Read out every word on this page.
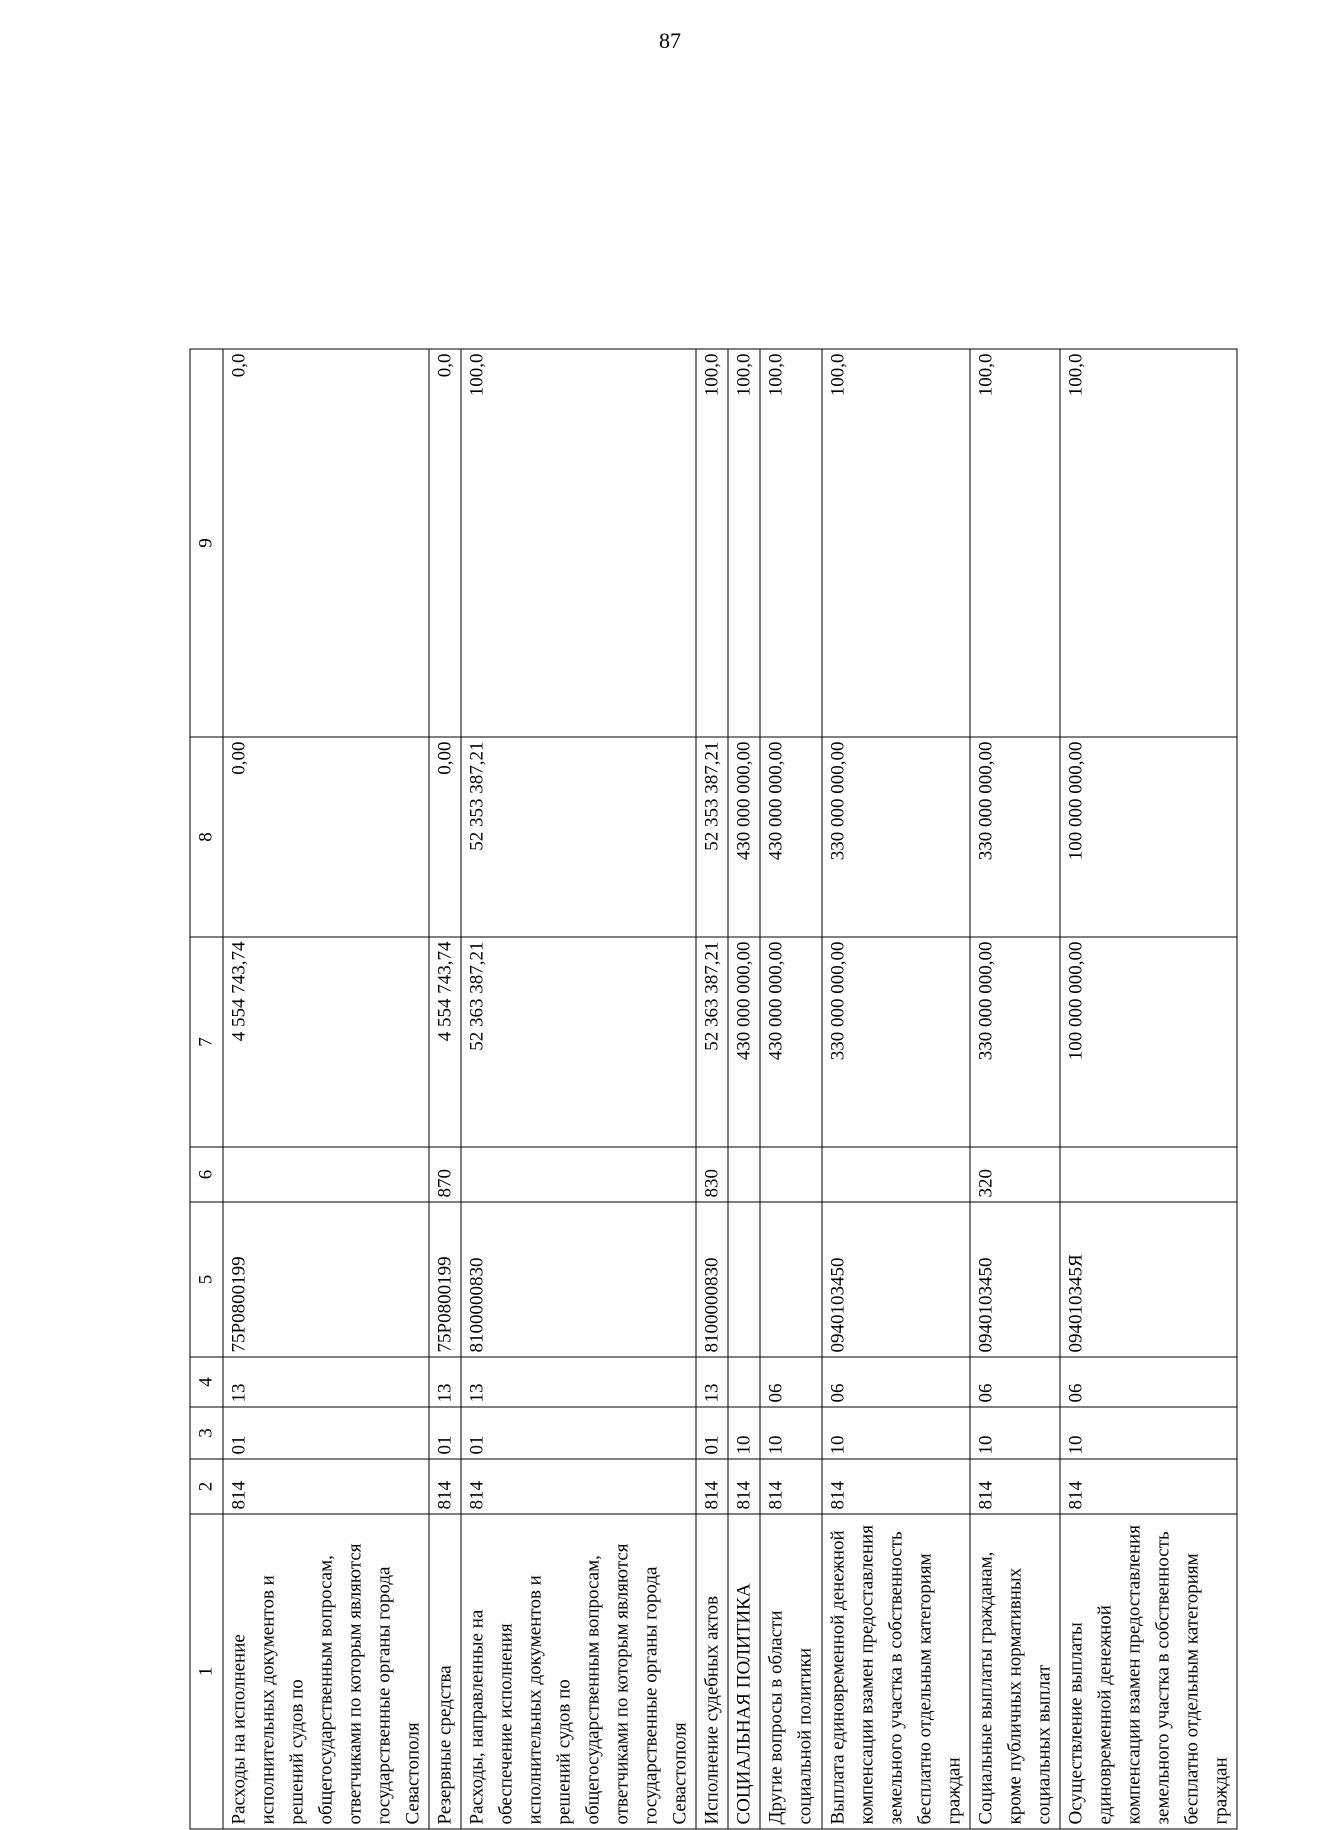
87
1	2	3	4	5	6	7	8	9
Расходы на исполнение исполнительных документов и решений судов по общегосударственным вопросам, ответчиками по которым являются государственные органы города Севастополя	814	01	13	75Р0800199		4 554 743,74	0,00	0,0
Резервные средства	814	01	13	75Р0800199	870	4 554 743,74	0,00	0,0
Расходы, направленные на обеспечение исполнения исполнительных документов и решений судов по общегосударственным вопросам, ответчиками по которым являются государственные органы города Севастополя	814	01	13	8100000830		52 363 387,21	52 353 387,21	100,0
Исполнение судебных актов	814	01	13	8100000830	830	52 363 387,21	52 353 387,21	100,0
СОЦИАЛЬНАЯ ПОЛИТИКА	814	10				430 000 000,00	430 000 000,00	100,0
Другие вопросы в области социальной политики	814	10	06			430 000 000,00	430 000 000,00	100,0
Выплата единовременной денежной компенсации взамен предоставления земельного участка в собственность бесплатно отдельным категориям граждан	814	10	06	0940103450		330 000 000,00	330 000 000,00	100,0
Социальные выплаты гражданам, кроме публичных нормативных социальных выплат	814	10	06	0940103450	320	330 000 000,00	330 000 000,00	100,0
Осуществление выплаты единовременной денежной компенсации взамен предоставления земельного участка в собственность бесплатно отдельным категориям граждан	814	10	06	094010345Я		100 000 000,00	100 000 000,00	100,0
